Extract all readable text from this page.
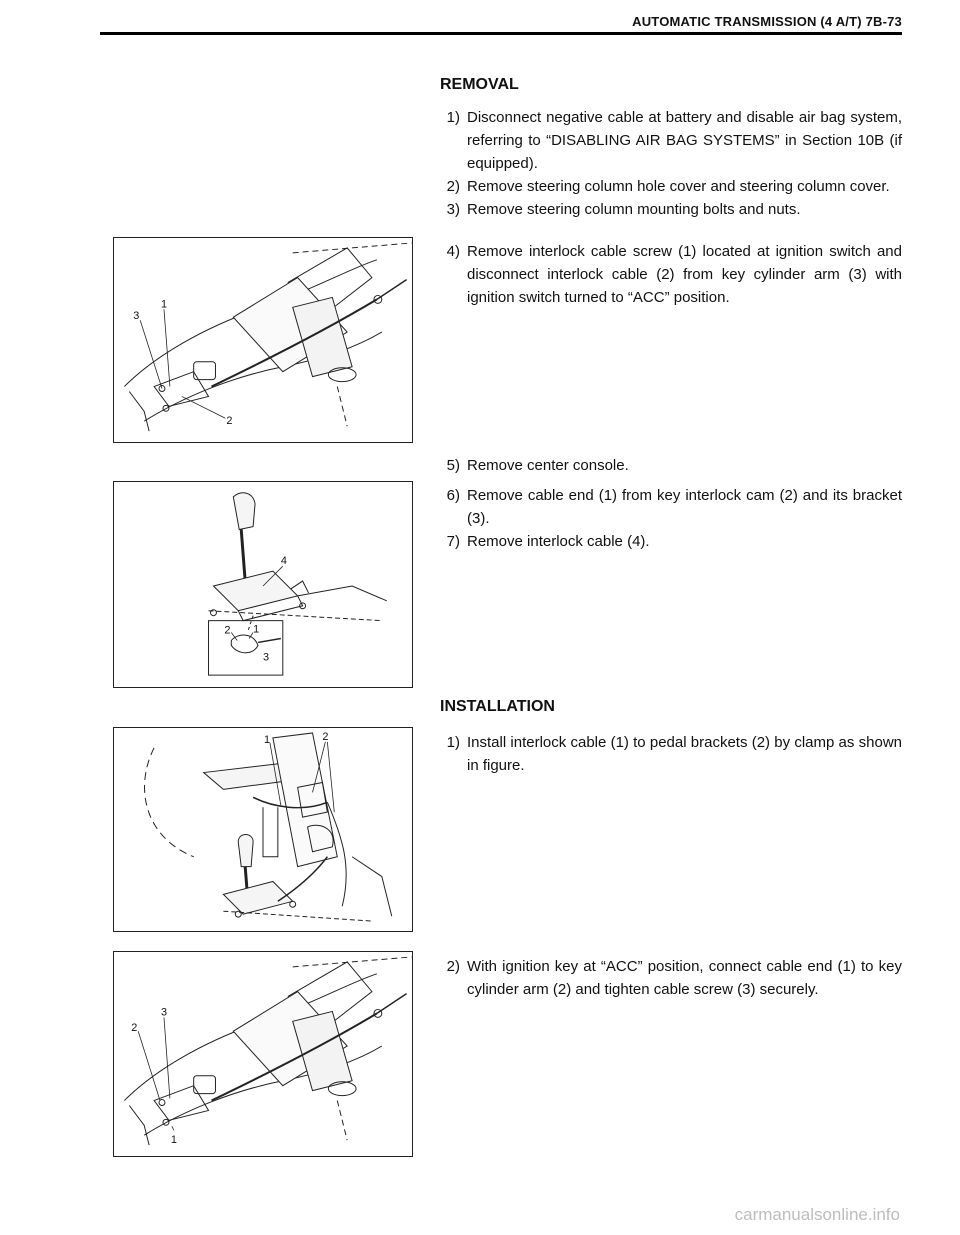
AUTOMATIC TRANSMISSION (4 A/T) 7B-73
REMOVAL
1) Disconnect negative cable at battery and disable air bag system, referring to “DISABLING AIR BAG SYSTEMS” in Section 10B (if equipped).
2) Remove steering column hole cover and steering column cover.
3) Remove steering column mounting bolts and nuts.
4) Remove interlock cable screw (1) located at ignition switch and disconnect interlock cable (2) from key cylinder arm (3) with ignition switch turned to “ACC” position.
5) Remove center console.
6) Remove cable end (1) from key interlock cam (2) and its bracket (3).
7) Remove interlock cable (4).
INSTALLATION
1) Install interlock cable (1) to pedal brackets (2) by clamp as shown in figure.
2) With ignition key at “ACC” position, connect cable end (1) to key cylinder arm (2) and tighten cable screw (3) securely.
1
3
2
4
2 1
3
1	2
3
2
1
carmanualsonline.info
